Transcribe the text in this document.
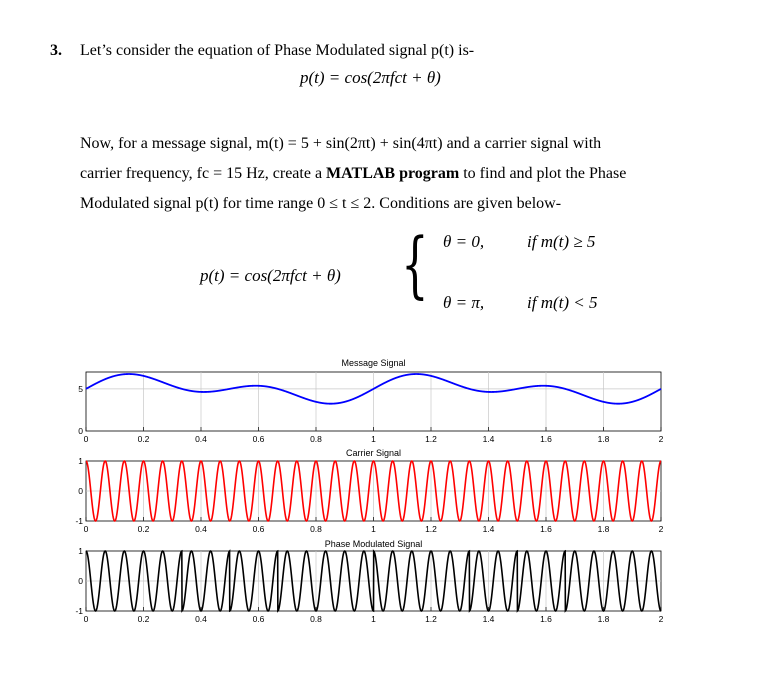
3. Let’s consider the equation of Phase Modulated signal p(t) is-
p(t) = cos(2πfct + θ)
Now, for a message signal, m(t) = 5 + sin(2πt) + sin(4πt) and a carrier signal with
carrier frequency, fc = 15 Hz, create a MATLAB program to find and plot the Phase
Modulated signal p(t) for time range 0 ≤ t ≤ 2. Conditions are given below-
p(t) = cos(2πfct + θ) { θ = 0,	if m(t) ≥ 5
θ = π,	if m(t) < 5
0	0.2	0.4	0.6	0.8	1	1.2	1.4	1.6	1.8	2
0
5
Message Signal
0	0.2	0.4	0.6	0.8	1	1.2	1.4	1.6	1.8	2
-1
0
1
Carrier Signal
0	0.2	0.4	0.6	0.8	1	1.2	1.4	1.6	1.8	2
-1
0
1
Phase Modulated Signal
